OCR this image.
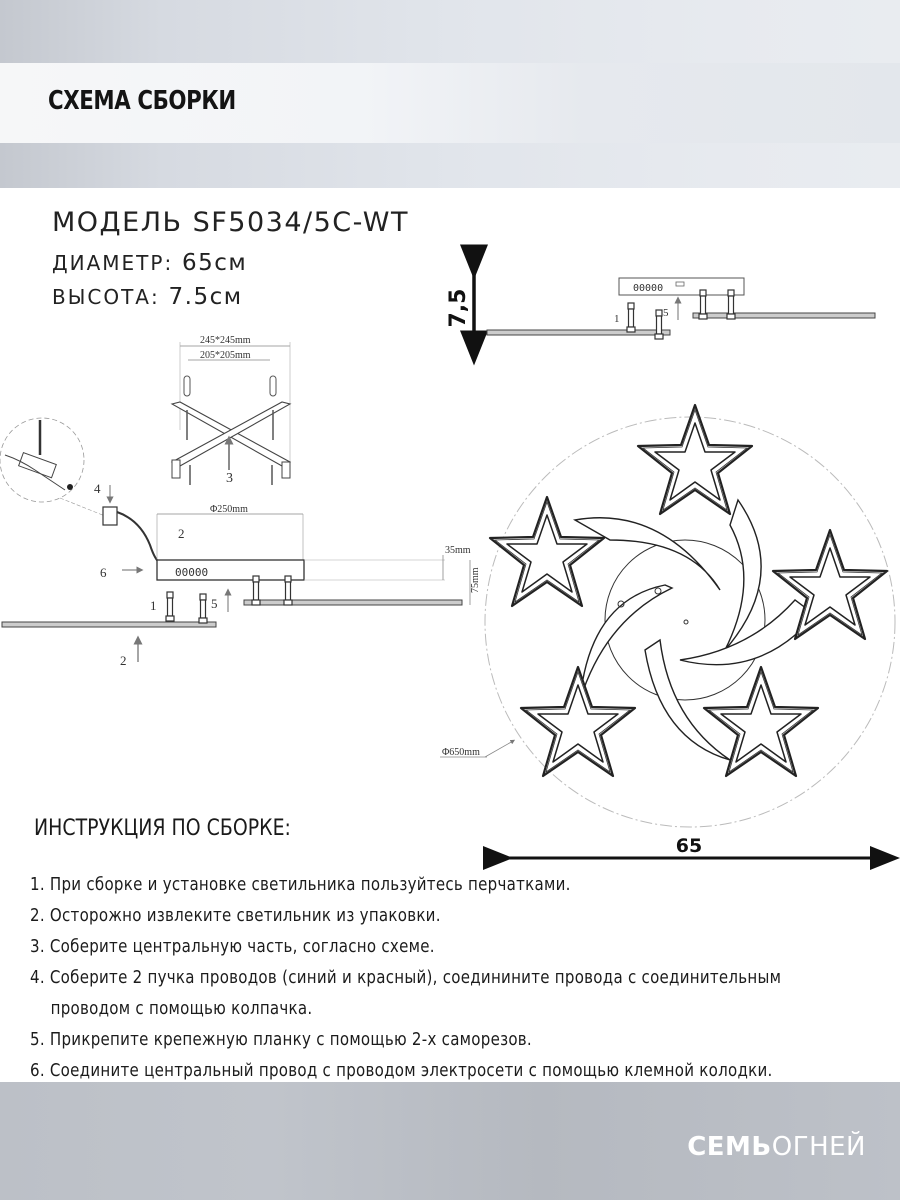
СХЕМА СБОРКИ
МОДЕЛЬ SF5034/5C-WT
ДИАМЕТР: 65см
ВЫСОТА: 7.5см	7,5
00000
1	5
245*245mm
205*205mm
3
4
6
Φ250mm
2
00000
35mm
75mm
1	5
2
Φ650mm
65
ИНСТРУКЦИЯ ПО СБОРКЕ:
1. При сборке и установке светильника пользуйтесь перчатками.
2. Осторожно извлеките светильник из упаковки.
3. Соберите центральную часть, согласно схеме.
4. Соберите 2 пучка проводов (синий и красный), соединините провода с соединительным
проводом с помощью колпачка.
5. Прикрепите крепежную планку с помощью 2-х саморезов.
6. Соедините центральный провод с проводом электросети с помощью клемной колодки.
СЕМЬОГНЕЙ
